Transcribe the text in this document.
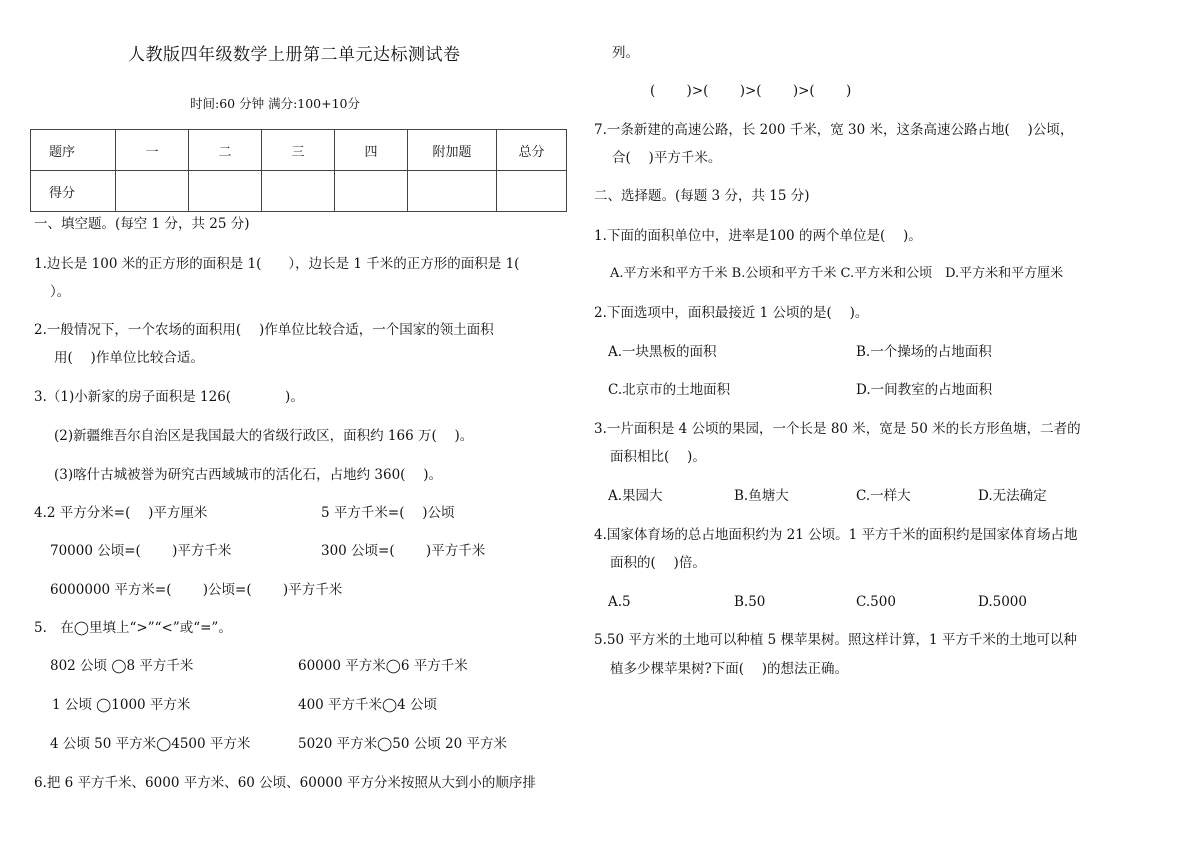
人教版四年级数学上册第二单元达标测试卷
时间:60 分钟 满分:100+10分
题序	一	二	三	四	附加题	总分
得分						
一、填空题。(每空 1 分，共 25 分)
1.边长是 100 米的正方形的面积是 1(　　），边长是 1 千米的正方形的面积是 1(
）。
2.一般情况下，一个农场的面积用(　 )作单位比较合适，一个国家的领土面积
用(　 )作单位比较合适。
3.（1)小新家的房子面积是 126(　　　　)。
(2)新疆维吾尔自治区是我国最大的省级行政区，面积约 166 万(　 )。
(3)喀什古城被誉为研究古西域城市的活化石，占地约 360(　 )。
4.2 平方分米=(　 )平方厘米	5 平方千米=(　 )公顷
70000 公顷=(　　 )平方千米	300 公顷=(　　 )平方千米
6000000 平方米=(　　 )公顷=(　　 )平方千米
5.　在◯里填上“>”“<”或“=”。
802 公顷 ◯8 平方千米	60000 平方米◯6 平方千米
1 公顷 ◯1000 平方米	400 平方千米◯4 公顷
4 公顷 50 平方米◯4500 平方米	5020 平方米◯50 公顷 20 平方米
6.把 6 平方千米、6000 平方米、60 公顷、60000 平方分米按照从大到小的顺序排
列。
(　　 )>(　　 )>(　　 )>(　　 )
7.一条新建的高速公路，长 200 千米，宽 30 米，这条高速公路占地(　 )公顷，
合(　 )平方千米。
二、选择题。(每题 3 分，共 15 分)
1.下面的面积单位中，进率是100 的两个单位是(　 )。
A.平方米和平方千米 B.公顷和平方千米 C.平方米和公顷　D.平方米和平方厘米
2.下面选项中，面积最接近 1 公顷的是(　 )。
A.一块黑板的面积	B.一个操场的占地面积
C.北京市的土地面积	D.一间教室的占地面积
3.一片面积是 4 公顷的果园，一个长是 80 米，宽是 50 米的长方形鱼塘，二者的
面积相比(　 )。
A.果园大	B.鱼塘大	C.一样大	D.无法确定
4.国家体育场的总占地面积约为 21 公顷。1 平方千米的面积约是国家体育场占地
面积的(　 )倍。
A.5	B.50	C.500	D.5000
5.50 平方米的土地可以种植 5 棵苹果树。照这样计算，1 平方千米的土地可以种
植多少棵苹果树?下面(　 )的想法正确。
